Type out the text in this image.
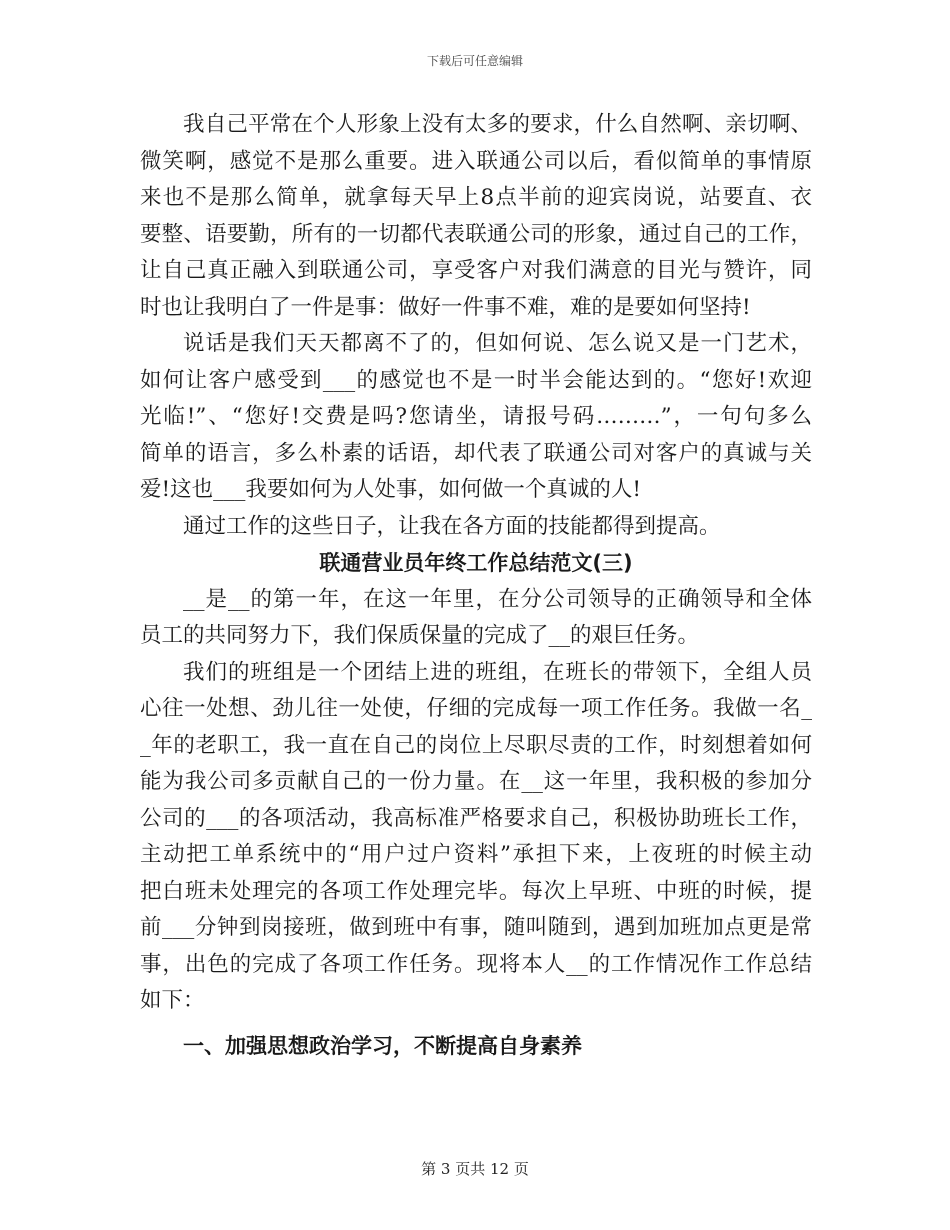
下载后可任意编辑
我自己平常在个人形象上没有太多的要求，什么自然啊、亲切啊、
微笑啊，感觉不是那么重要。进入联通公司以后，看似简单的事情原
来也不是那么简单，就拿每天早上8点半前的迎宾岗说，站要直、衣
要整、语要勤，所有的一切都代表联通公司的形象，通过自己的工作，
让自己真正融入到联通公司，享受客户对我们满意的目光与赞许，同
时也让我明白了一件是事：做好一件事不难，难的是要如何坚持!
说话是我们天天都离不了的，但如何说、怎么说又是一门艺术，
如何让客户感受到___的感觉也不是一时半会能达到的。“您好!欢迎
光临!”、“您好!交费是吗?您请坐，请报号码………”，一句句多么
简单的语言，多么朴素的话语，却代表了联通公司对客户的真诚与关
爱!这也___我要如何为人处事，如何做一个真诚的人!
通过工作的这些日子，让我在各方面的技能都得到提高。
联通营业员年终工作总结范文(三)
__是__的第一年，在这一年里，在分公司领导的正确领导和全体
员工的共同努力下，我们保质保量的完成了__的艰巨任务。
我们的班组是一个团结上进的班组，在班长的带领下，全组人员
心往一处想、劲儿往一处使，仔细的完成每一项工作任务。我做一名_
_年的老职工，我一直在自己的岗位上尽职尽责的工作，时刻想着如何
能为我公司多贡献自己的一份力量。在__这一年里，我积极的参加分
公司的___的各项活动，我高标准严格要求自己，积极协助班长工作，
主动把工单系统中的“用户过户资料”承担下来，上夜班的时候主动
把白班未处理完的各项工作处理完毕。每次上早班、中班的时候，提
前___分钟到岗接班，做到班中有事，随叫随到，遇到加班加点更是常
事，出色的完成了各项工作任务。现将本人__的工作情况作工作总结
如下：
一、加强思想政治学习，不断提高自身素养
第 3 页共 12 页
